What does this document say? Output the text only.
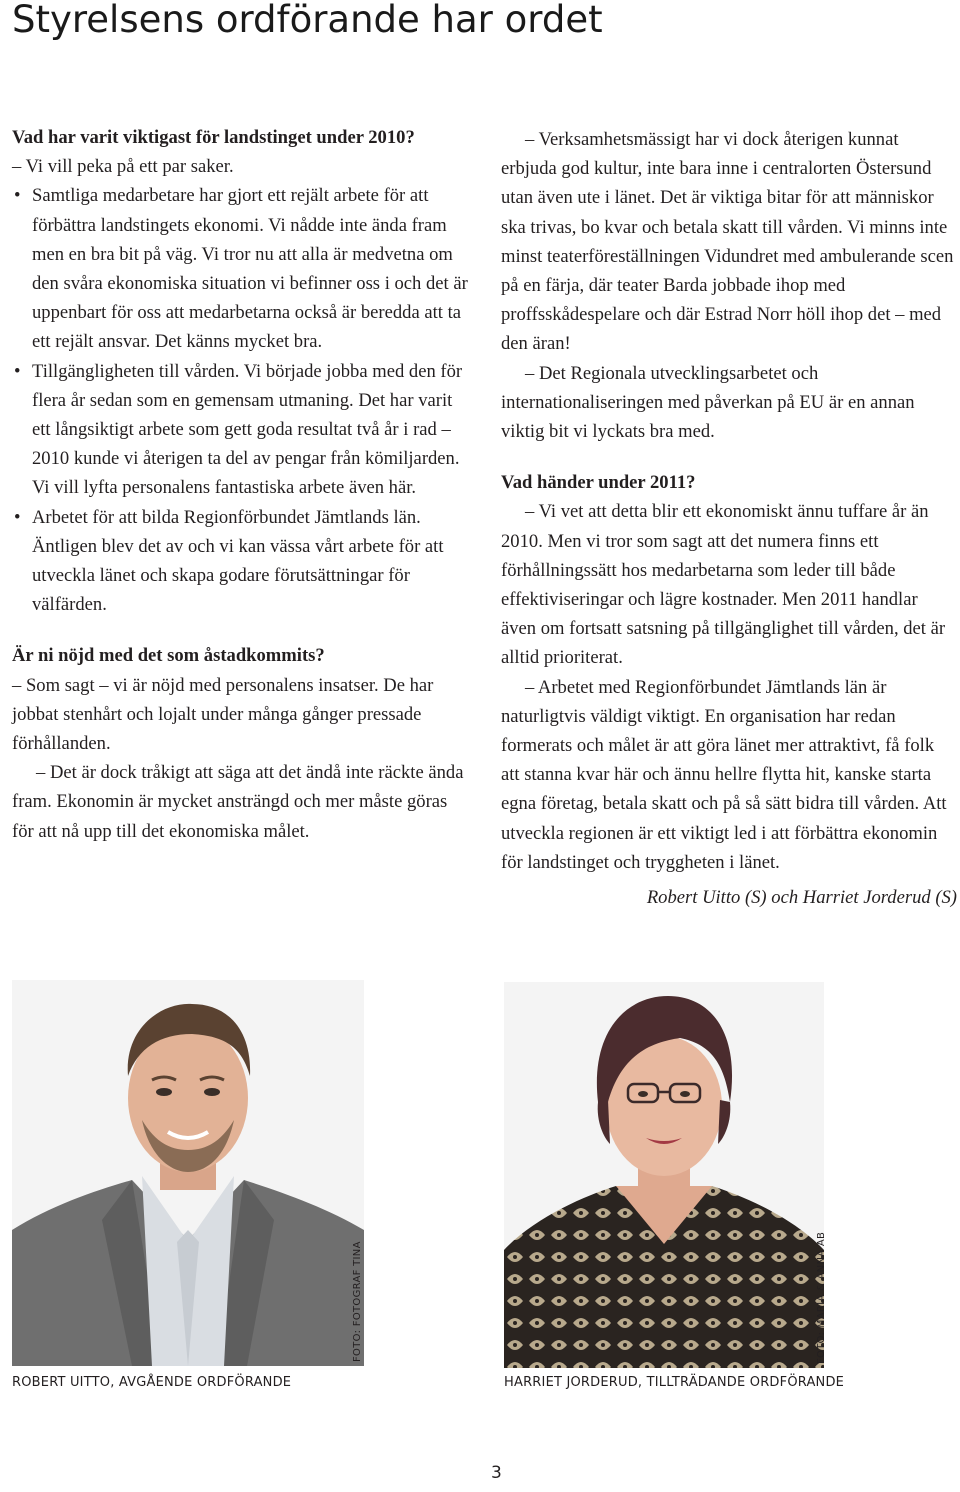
Styrelsens ordförande har ordet

Vad har varit viktigast för landstinget under 2010?

– Vi vill peka på ett par saker.

• Samtliga medarbetare har gjort ett rejält arbete för att förbättra landstingets ekonomi. Vi nådde inte ända fram men en bra bit på väg. Vi tror nu att alla är medvetna om den svåra ekonomiska situation vi befinner oss i och det är uppenbart för oss att medarbetarna också är beredda att ta ett rejält ansvar. Det känns mycket bra.
• Tillgängligheten till vården. Vi började jobba med den för flera år sedan som en gemensam utmaning. Det har varit ett långsiktigt arbete som gett goda resultat två år i rad – 2010 kunde vi återigen ta del av pengar från kömiljarden. Vi vill lyfta personalens fantastiska arbete även här.
• Arbetet för att bilda Regionförbundet Jämtlands län. Äntligen blev det av och vi kan vässa vårt arbete för att utveckla länet och skapa godare förutsättningar för välfärden.

Är ni nöjd med det som åstadkommits?

– Som sagt – vi är nöjd med personalens insatser. De har jobbat stenhårt och lojalt under många gånger pressade förhållanden.

– Det är dock tråkigt att säga att det ändå inte räckte ända fram. Ekonomin är mycket ansträngd och mer måste göras för att nå upp till det ekonomiska målet.

– Verksamhetsmässigt har vi dock återigen kunnat erbjuda god kultur, inte bara inne i centralorten Östersund utan även ute i länet. Det är viktiga bitar för att människor ska trivas, bo kvar och betala skatt till vården. Vi minns inte minst teaterföreställningen Vidundret med ambulerande scen på en färja, där teater Barda jobbade ihop med proffsskådespelare och där Estrad Norr höll ihop det – med den äran!

– Det Regionala utvecklingsarbetet och internationaliseringen med påverkan på EU är en annan viktig bit vi lyckats bra med.

Vad händer under 2011?

– Vi vet att detta blir ett ekonomiskt ännu tuffare år än 2010. Men vi tror som sagt att det numera finns ett förhållningssätt hos medarbetarna som leder till både effektiviseringar och lägre kostnader. Men 2011 handlar även om fortsatt satsning på tillgänglighet till vården, det är alltid prioriterat.

– Arbetet med Regionförbundet Jämtlands län är naturligtvis väldigt viktigt. En organisation har redan formerats och målet är att göra länet mer attraktivt, få folk att stanna kvar här och ännu hellre flytta hit, kanske starta egna företag, betala skatt och på så sätt bidra till vården. Att utveckla regionen är ett viktigt led i att förbättra ekonomin för landstinget och tryggheten i länet.

Robert Uitto (S) och Harriet Jorderud (S)

FOTO: FOTOGRAF TINA
ROBERT UITTO, AVGÅENDE ORDFÖRANDE
FOTO: MARIA & ANNA AB
HARRIET JORDERUD, TILLTRÄDANDE ORDFÖRANDE
3
